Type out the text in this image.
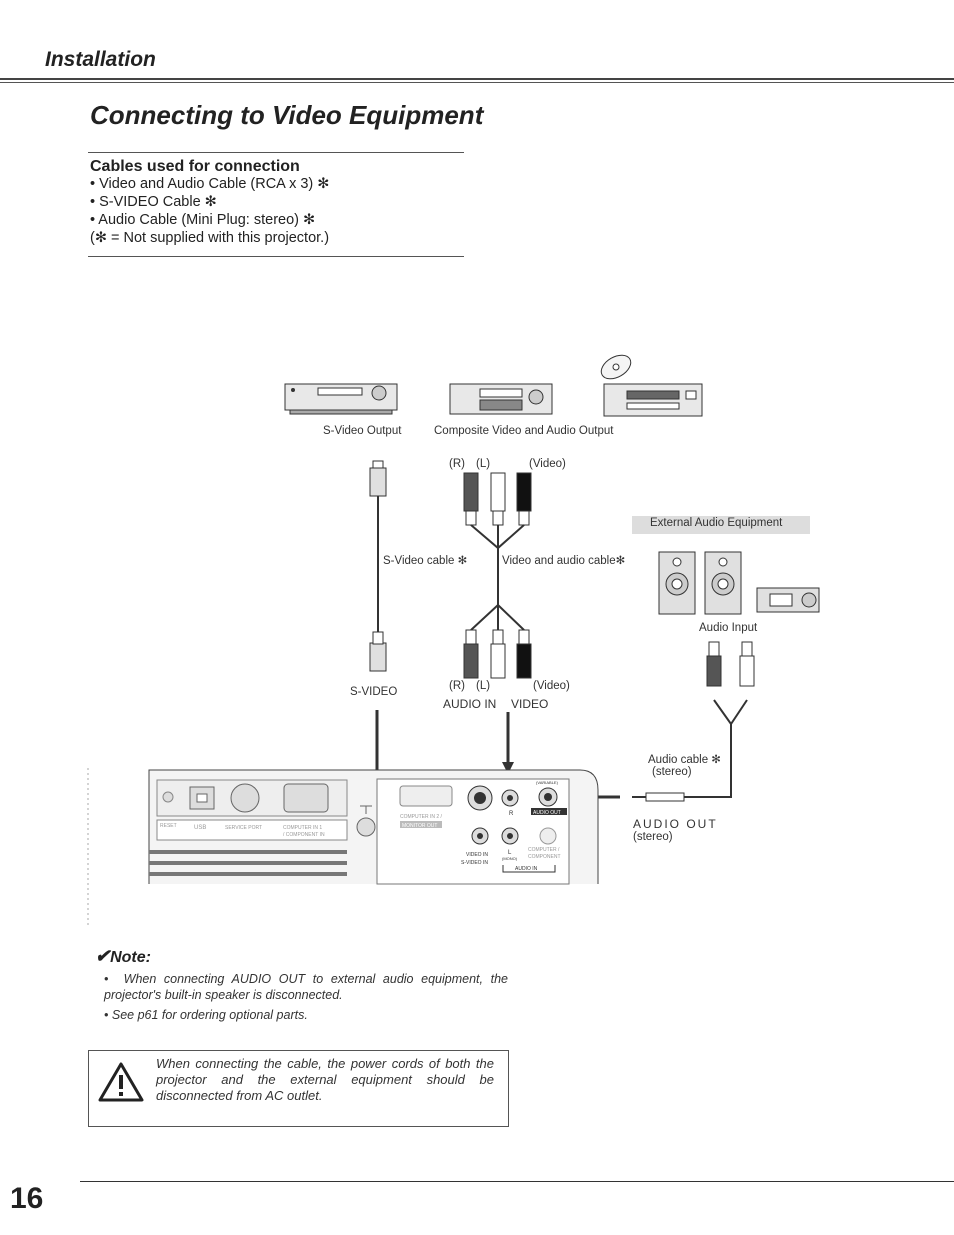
Installation
Connecting to Video Equipment
Cables used for connection
• Video and Audio Cable (RCA x 3) ✻
• S-VIDEO Cable ✻
• Audio Cable (Mini Plug: stereo) ✻
(✻ = Not supplied with this projector.)
RESET	USB	SERVICE PORT	COMPUTER IN 1
/ COMPONENT IN
COMPUTER IN 2 /
MONITOR OUT
R
(VARIABLE)
AUDIO OUT
VIDEO IN
S-VIDEO IN
L
(MONO)
COMPUTER /
COMPONENT
AUDIO IN
S-Video Output	Composite Video and Audio Output
(R) (L)	(Video)
External Audio Equipment
S-Video cable ✻	Video and audio cable✻
Audio Input
S-VIDEO	(R) (L)	(Video)
AUDIO IN VIDEO
Audio cable ✻
(stereo)
AUDIO OUT
(stereo)
✔Note:
•  When connecting AUDIO OUT to external audio equipment, the projector's built-in speaker is disconnected.
• See p61 for ordering optional parts.
When connecting the cable, the power cords of both the projector and the external equipment should be disconnected from AC outlet.
16
